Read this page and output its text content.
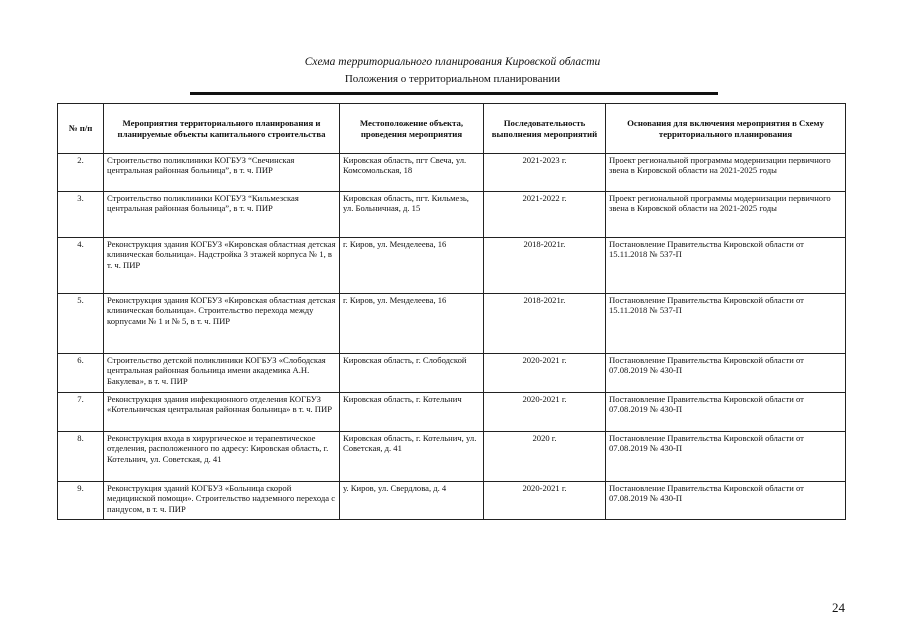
Схема территориального планирования Кировской области
Положения о территориальном планировании
№ п/п	Мероприятия территориального планирования и планируемые объекты капитального строительства	Местоположение объекта, проведения мероприятия	Последовательность выполнения мероприятий	Основания для включения мероприятия в Схему территориального планирования
2.	Строительство поликлиники КОГБУЗ “Свечинская центральная районная больница”, в т. ч. ПИР	Кировская область, пгт Свеча, ул. Комсомольская, 18	2021-2023 г.	Проект региональной программы модернизации первичного звена в Кировской области на 2021-2025 годы
3.	Строительство поликлиники КОГБУЗ “Кильмезская центральная районная больница”, в т. ч. ПИР	Кировская область, пгт. Кильмезь, ул. Больничная, д. 15	2021-2022 г.	Проект региональной программы модернизации первичного звена в Кировской области на 2021-2025 годы
4.	Реконструкция здания КОГБУЗ «Кировская областная детская клиническая больница». Надстройка 3 этажей корпуса № 1, в т. ч. ПИР	г. Киров, ул. Менделеева, 16	2018-2021г.	Постановление Правительства Кировской области от 15.11.2018 № 537-П
5.	Реконструкция здания КОГБУЗ «Кировская областная детская клиническая больница». Строительство перехода между корпусами № 1 и № 5, в т. ч. ПИР	г. Киров, ул. Менделеева, 16	2018-2021г.	Постановление Правительства Кировской области от 15.11.2018 № 537-П
6.	Строительство детской поликлиники КОГБУЗ «Слободская центральная районная больница имени академика А.Н. Бакулева», в т. ч. ПИР	Кировская область, г. Слободской	2020-2021 г.	Постановление Правительства Кировской области от 07.08.2019 № 430-П
7.	Реконструкция здания инфекционного отделения КОГБУЗ «Котельничская центральная районная больница» в т. ч. ПИР	Кировская область, г. Котельнич	2020-2021 г.	Постановление Правительства Кировской области от 07.08.2019 № 430-П
8.	Реконструкция входа в хирургическое и терапевтическое отделения, расположенного по адресу: Кировская область, г. Котельнич, ул. Советская, д. 41	Кировская область, г. Котельнич, ул. Советская, д. 41	2020 г.	Постановление Правительства Кировской области от 07.08.2019 № 430-П
9.	Реконструкция зданий КОГБУЗ «Больница скорой медицинской помощи». Строительство надземного перехода с пандусом, в т. ч. ПИР	у. Киров, ул. Свердлова, д. 4	2020-2021 г.	Постановление Правительства Кировской области от 07.08.2019 № 430-П
24
